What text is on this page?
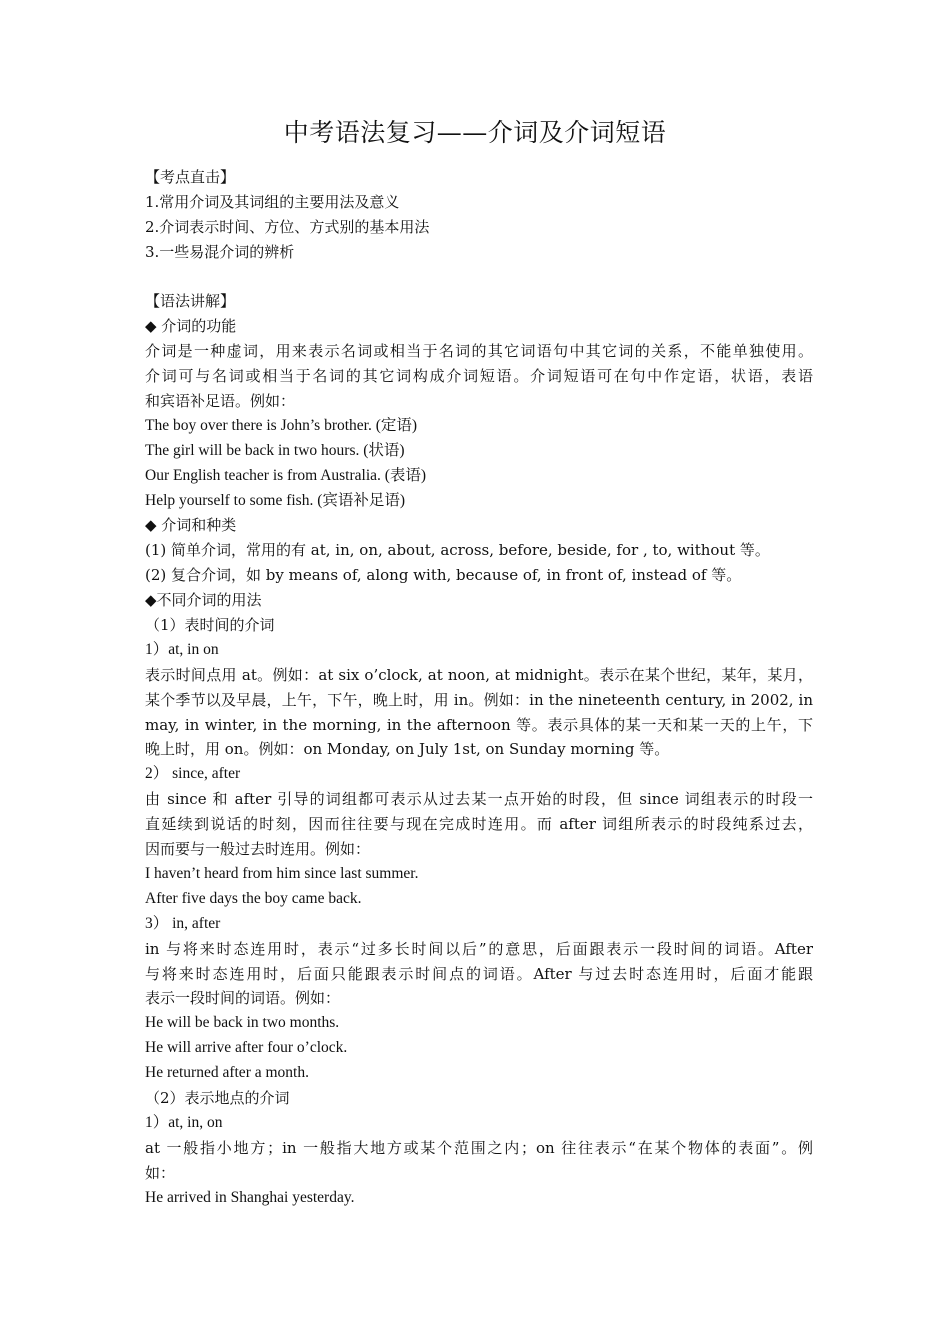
中考语法复习——介词及介词短语
【考点直击】
1.常用介词及其词组的主要用法及意义
2.介词表示时间、方位、方式别的基本用法
3.一些易混介词的辨析
【语法讲解】
◆ 介词的功能
介词是一种虚词，用来表示名词或相当于名词的其它词语句中其它词的关系，不能单独使用。
介词可与名词或相当于名词的其它词构成介词短语。介词短语可在句中作定语，状语，表语
和宾语补足语。例如：
The boy over there is John’s brother. (定语)
The girl will be back in two hours. (状语)
Our English teacher is from Australia. (表语)
Help yourself to some fish. (宾语补足语)
◆ 介词和种类
(1) 简单介词，常用的有 at, in, on, about, across, before, beside, for , to, without 等。
(2) 复合介词，如 by means of, along with, because of, in front of, instead of 等。
◆不同介词的用法
（1）表时间的介词
1）at, in on
表示时间点用 at。例如：at six o’clock, at noon, at midnight。表示在某个世纪，某年，某月，
某个季节以及早晨，上午，下午，晚上时，用 in。例如：in the nineteenth century, in 2002, in
may, in winter, in the morning, in the afternoon 等。表示具体的某一天和某一天的上午，下
晚上时，用 on。例如：on Monday, on July 1st, on Sunday morning 等。
2） since, after
由 since 和 after 引导的词组都可表示从过去某一点开始的时段，但 since 词组表示的时段一
直延续到说话的时刻，因而往往要与现在完成时连用。而 after 词组所表示的时段纯系过去，
因而要与一般过去时连用。例如：
I haven’t heard from him since last summer.
After five days the boy came back.
3） in, after
in 与将来时态连用时，表示“过多长时间以后”的意思，后面跟表示一段时间的词语。After
与将来时态连用时，后面只能跟表示时间点的词语。After 与过去时态连用时，后面才能跟
表示一段时间的词语。例如：
He will be back in two months.
He will arrive after four o’clock.
He returned after a month.
（2）表示地点的介词
1）at, in, on
at 一般指小地方；in 一般指大地方或某个范围之内；on 往往表示“在某个物体的表面”。例
如：
He arrived in Shanghai yesterday.
